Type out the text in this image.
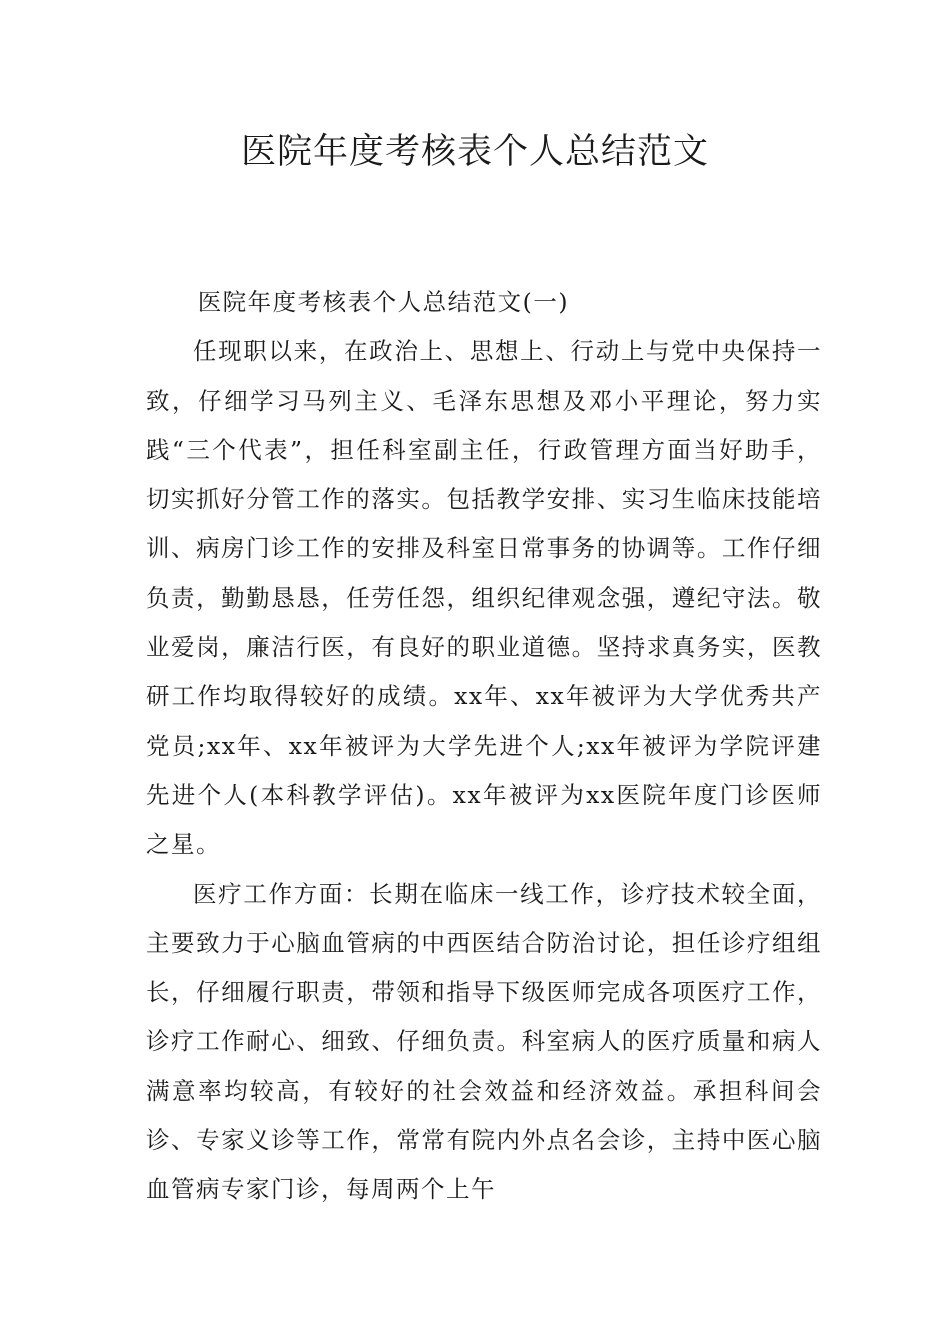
医院年度考核表个人总结范文

医院年度考核表个人总结范文(一)

任现职以来，在政治上、思想上、行动上与党中央保持一致，仔细学习马列主义、毛泽东思想及邓小平理论，努力实践“三个代表”，担任科室副主任，行政管理方面当好助手，切实抓好分管工作的落实。包括教学安排、实习生临床技能培训、病房门诊工作的安排及科室日常事务的协调等。工作仔细负责，勤勤恳恳，任劳任怨，组织纪律观念强，遵纪守法。敬业爱岗，廉洁行医，有良好的职业道德。坚持求真务实，医教研工作均取得较好的成绩。xx年、xx年被评为大学优秀共产党员;xx年、xx年被评为大学先进个人;xx年被评为学院评建先进个人(本科教学评估)。xx年被评为xx医院年度门诊医师之星。

医疗工作方面：长期在临床一线工作，诊疗技术较全面，主要致力于心脑血管病的中西医结合防治讨论，担任诊疗组组长，仔细履行职责，带领和指导下级医师完成各项医疗工作，诊疗工作耐心、细致、仔细负责。科室病人的医疗质量和病人满意率均较高，有较好的社会效益和经济效益。承担科间会诊、专家义诊等工作，常常有院内外点名会诊，主持中医心脑血管病专家门诊，每周两个上午
